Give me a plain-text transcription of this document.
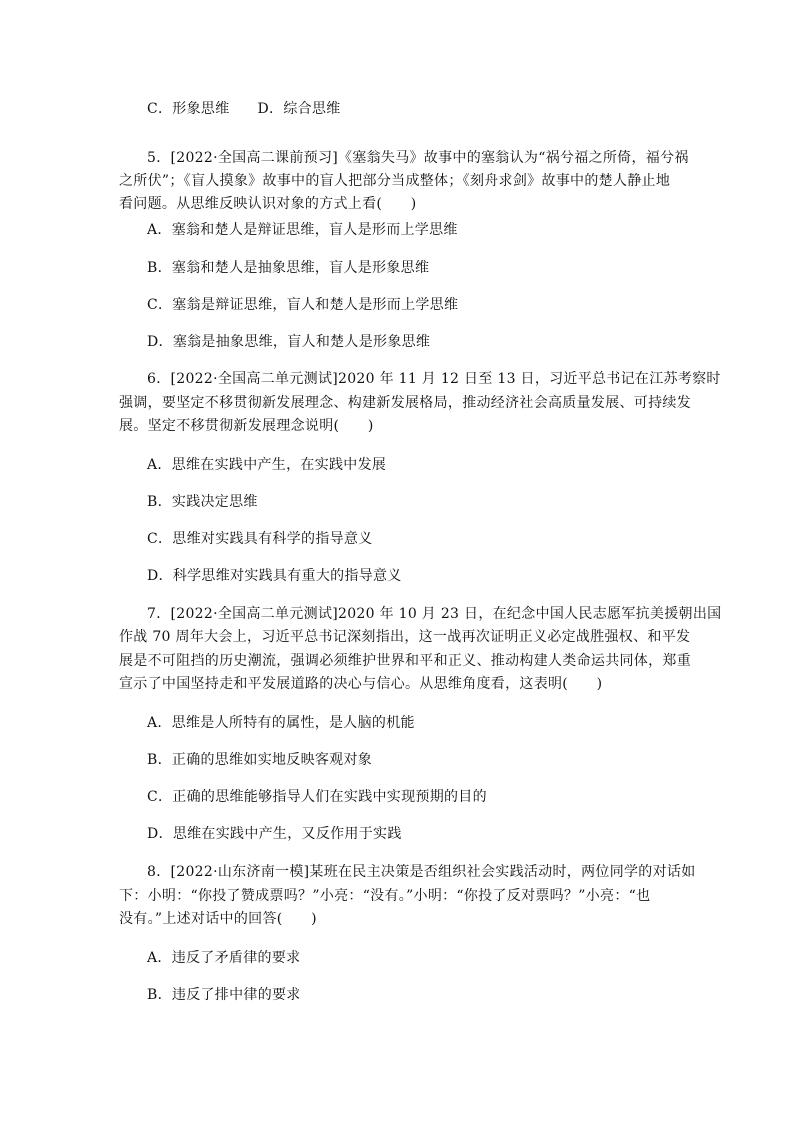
C．形象思维 D．综合思维
5．[2022·全国高二课前预习]《塞翁失马》故事中的塞翁认为“祸兮福之所倚，福兮祸
之所伏”；《盲人摸象》故事中的盲人把部分当成整体；《刻舟求剑》故事中的楚人静止地
看问题。从思维反映认识对象的方式上看(　　)
A．塞翁和楚人是辩证思维，盲人是形而上学思维
B．塞翁和楚人是抽象思维，盲人是形象思维
C．塞翁是辩证思维，盲人和楚人是形而上学思维
D．塞翁是抽象思维，盲人和楚人是形象思维
6．[2022·全国高二单元测试]2020 年 11 月 12 日至 13 日，习近平总书记在江苏考察时
强调，要坚定不移贯彻新发展理念、构建新发展格局，推动经济社会高质量发展、可持续发
展。坚定不移贯彻新发展理念说明(　　)
A．思维在实践中产生，在实践中发展
B．实践决定思维
C．思维对实践具有科学的指导意义
D．科学思维对实践具有重大的指导意义
7．[2022·全国高二单元测试]2020 年 10 月 23 日，在纪念中国人民志愿军抗美援朝出国
作战 70 周年大会上，习近平总书记深刻指出，这一战再次证明正义必定战胜强权、和平发
展是不可阻挡的历史潮流，强调必须维护世界和平和正义、推动构建人类命运共同体，郑重
宣示了中国坚持走和平发展道路的决心与信心。从思维角度看，这表明(　　)
A．思维是人所特有的属性，是人脑的机能
B．正确的思维如实地反映客观对象
C．正确的思维能够指导人们在实践中实现预期的目的
D．思维在实践中产生，又反作用于实践
8．[2022·山东济南一模]某班在民主决策是否组织社会实践活动时，两位同学的对话如
下：小明：“你投了赞成票吗？”小亮：“没有。”小明：“你投了反对票吗？”小亮：“也
没有。”上述对话中的回答(　　)
A．违反了矛盾律的要求
B．违反了排中律的要求
